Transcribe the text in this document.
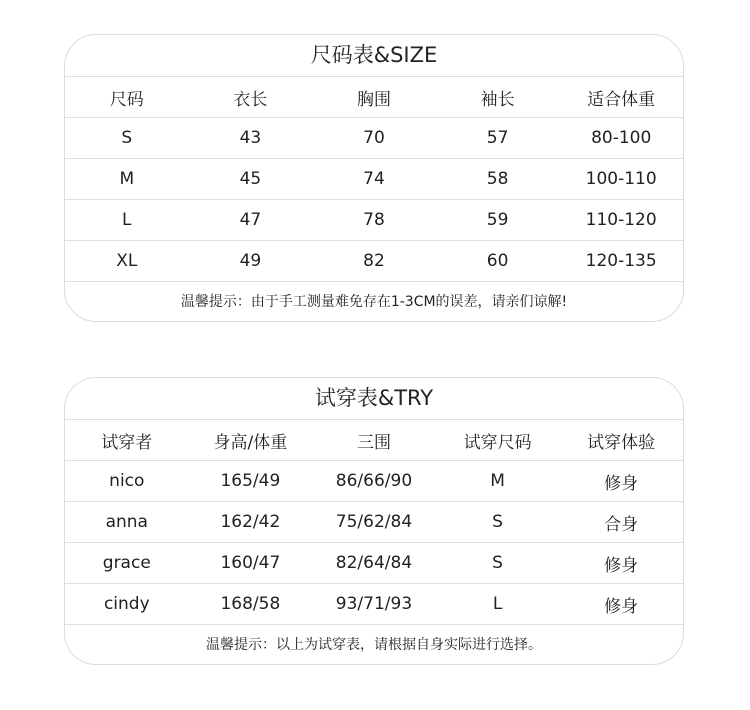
尺码表&SIZE
尺码	衣长	胸围	袖长	适合体重
S	43	70	57	80-100
M	45	74	58	100-110
L	47	78	59	110-120
XL	49	82	60	120-135
温馨提示：由于手工测量难免存在1-3CM的误差，请亲们谅解!
试穿表&TRY
试穿者	身高/体重	三围	试穿尺码	试穿体验
nico	165/49	86/66/90	M	修身
anna	162/42	75/62/84	S	合身
grace	160/47	82/64/84	S	修身
cindy	168/58	93/71/93	L	修身
温馨提示：以上为试穿表，请根据自身实际进行选择。
